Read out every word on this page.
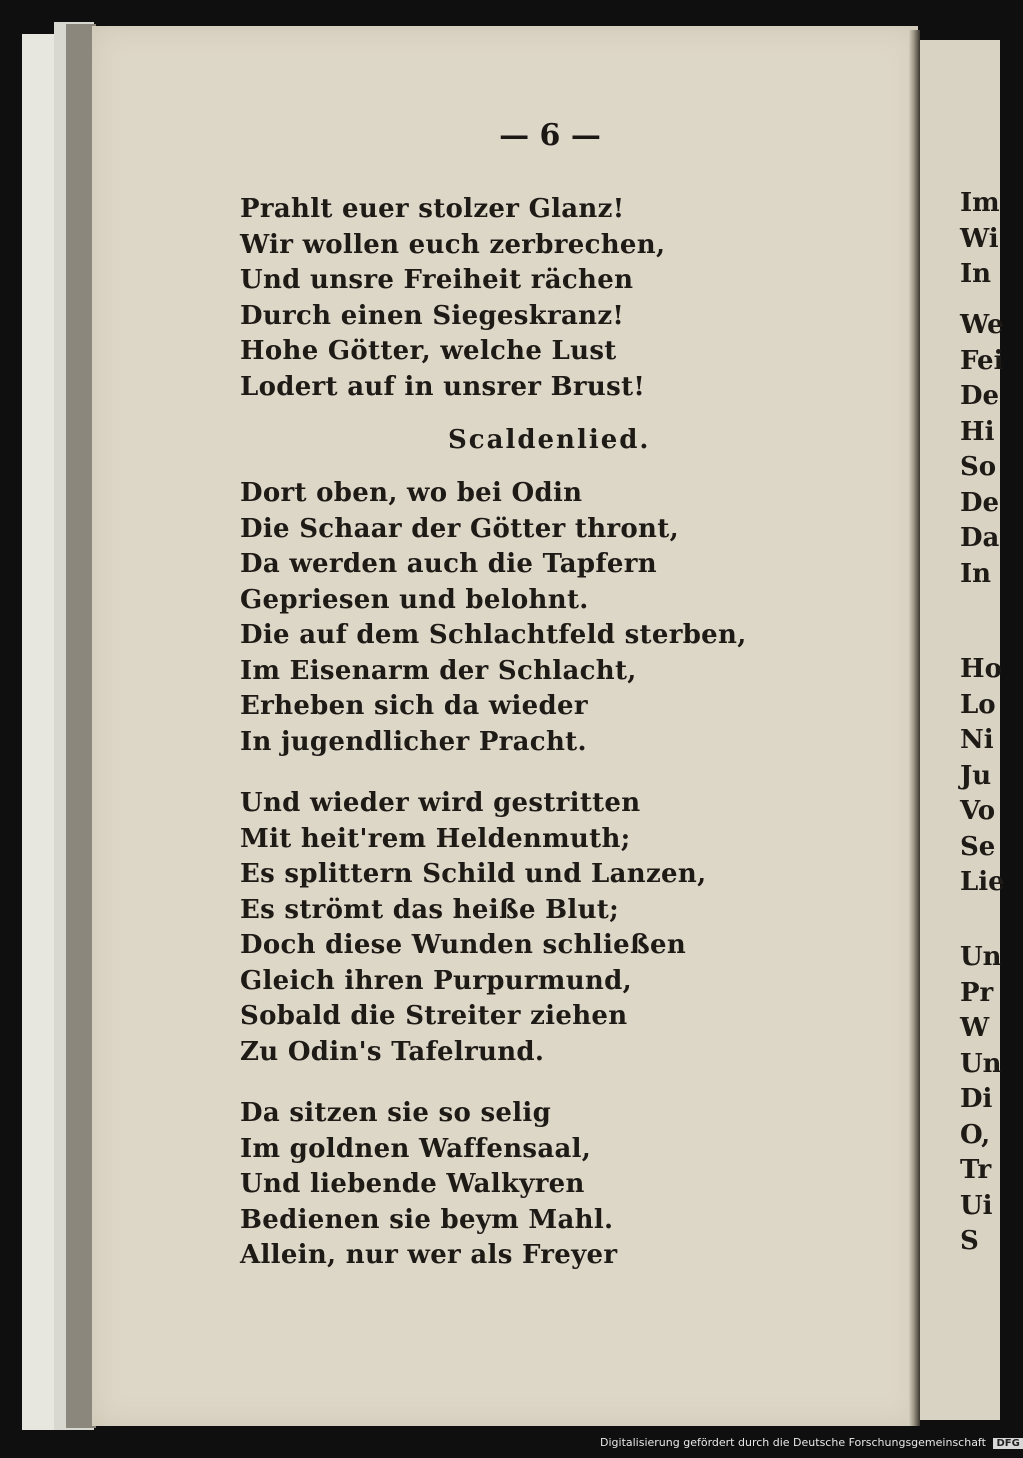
— 6 —
Prahlt euer stolzer Glanz!
Wir wollen euch zerbrechen,
Und unsre Freiheit rächen
Durch einen Siegeskranz!
Hohe Götter, welche Lust
Lodert auf in unsrer Brust!
Scaldenlied.
Dort oben, wo bei Odin
Die Schaar der Götter thront,
Da werden auch die Tapfern
Gepriesen und belohnt.
Die auf dem Schlachtfeld sterben,
Im Eisenarm der Schlacht,
Erheben sich da wieder
In jugendlicher Pracht.
Und wieder wird gestritten
Mit heit'rem Heldenmuth;
Es splittern Schild und Lanzen,
Es strömt das heiße Blut;
Doch diese Wunden schließen
Gleich ihren Purpurmund,
Sobald die Streiter ziehen
Zu Odin's Tafelrund.
Da sitzen sie so selig
Im goldnen Waffensaal,
Und liebende Walkyren
Bedienen sie beym Mahl.
Allein, nur wer als Freyer
Im
Wi
In
We
Fei
De
Hi
So
De
Da
In
Ho
Lo
Ni
Ju
Vo
Se
Lie
Un
Pr
W
Un
Di
O,
Tr
Ui
S
Digitalisierung gefördert durch die Deutsche Forschungsgemeinschaft DFG
